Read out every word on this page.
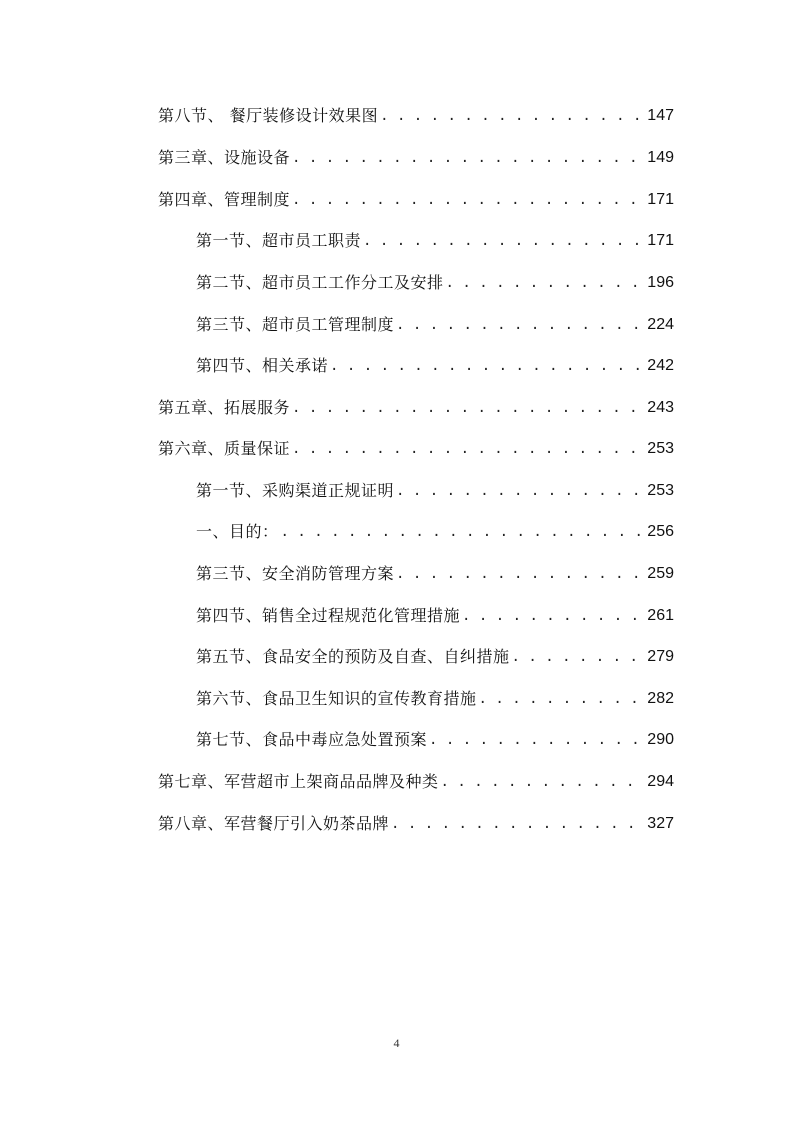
第八节、 餐厅装修设计效果图 . . .	147
第三章、设施设备 . . .	149
第四章、管理制度 . . .	171
第一节、超市员工职责 . . .	171
第二节、超市员工工作分工及安排 . . .	196
第三节、超市员工管理制度 . . .	224
第四节、相关承诺 . . .	242
第五章、拓展服务 . . .	243
第六章、质量保证 . . .	253
第一节、采购渠道正规证明 . . .	253
一、目的： . . .	256
第三节、安全消防管理方案 . . .	259
第四节、销售全过程规范化管理措施 . . .	261
第五节、食品安全的预防及自查、自纠措施 . . .	279
第六节、食品卫生知识的宣传教育措施 . . .	282
第七节、食品中毒应急处置预案 . . .	290
第七章、军营超市上架商品品牌及种类 . . .	294
第八章、军营餐厅引入奶茶品牌 . . .	327
4
